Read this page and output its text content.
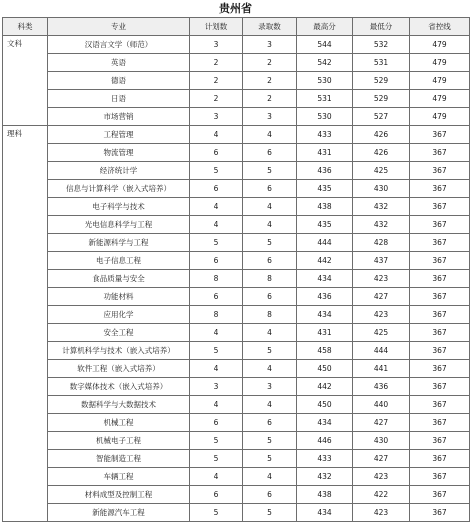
贵州省
科类	专业	计划数	录取数	最高分	最低分	省控线
文科	汉语言文学（师范）	3	3	544	532	479
	英语	2	2	542	531	479
	德语	2	2	530	529	479
	日语	2	2	531	529	479
	市场营销	3	3	530	527	479
理科	工程管理	4	4	433	426	367
	物流管理	6	6	431	426	367
	经济统计学	5	5	436	425	367
	信息与计算科学（嵌入式培养）	6	6	435	430	367
	电子科学与技术	4	4	438	432	367
	光电信息科学与工程	4	4	435	432	367
	新能源科学与工程	5	5	444	428	367
	电子信息工程	6	6	442	437	367
	食品质量与安全	8	8	434	423	367
	功能材料	6	6	436	427	367
	应用化学	8	8	434	423	367
	安全工程	4	4	431	425	367
	计算机科学与技术（嵌入式培养）	5	5	458	444	367
	软件工程（嵌入式培养）	4	4	450	441	367
	数字媒体技术（嵌入式培养）	3	3	442	436	367
	数据科学与大数据技术	4	4	450	440	367
	机械工程	6	6	434	427	367
	机械电子工程	5	5	446	430	367
	智能制造工程	5	5	433	427	367
	车辆工程	4	4	432	423	367
	材料成型及控制工程	6	6	438	422	367
	新能源汽车工程	5	5	434	423	367
